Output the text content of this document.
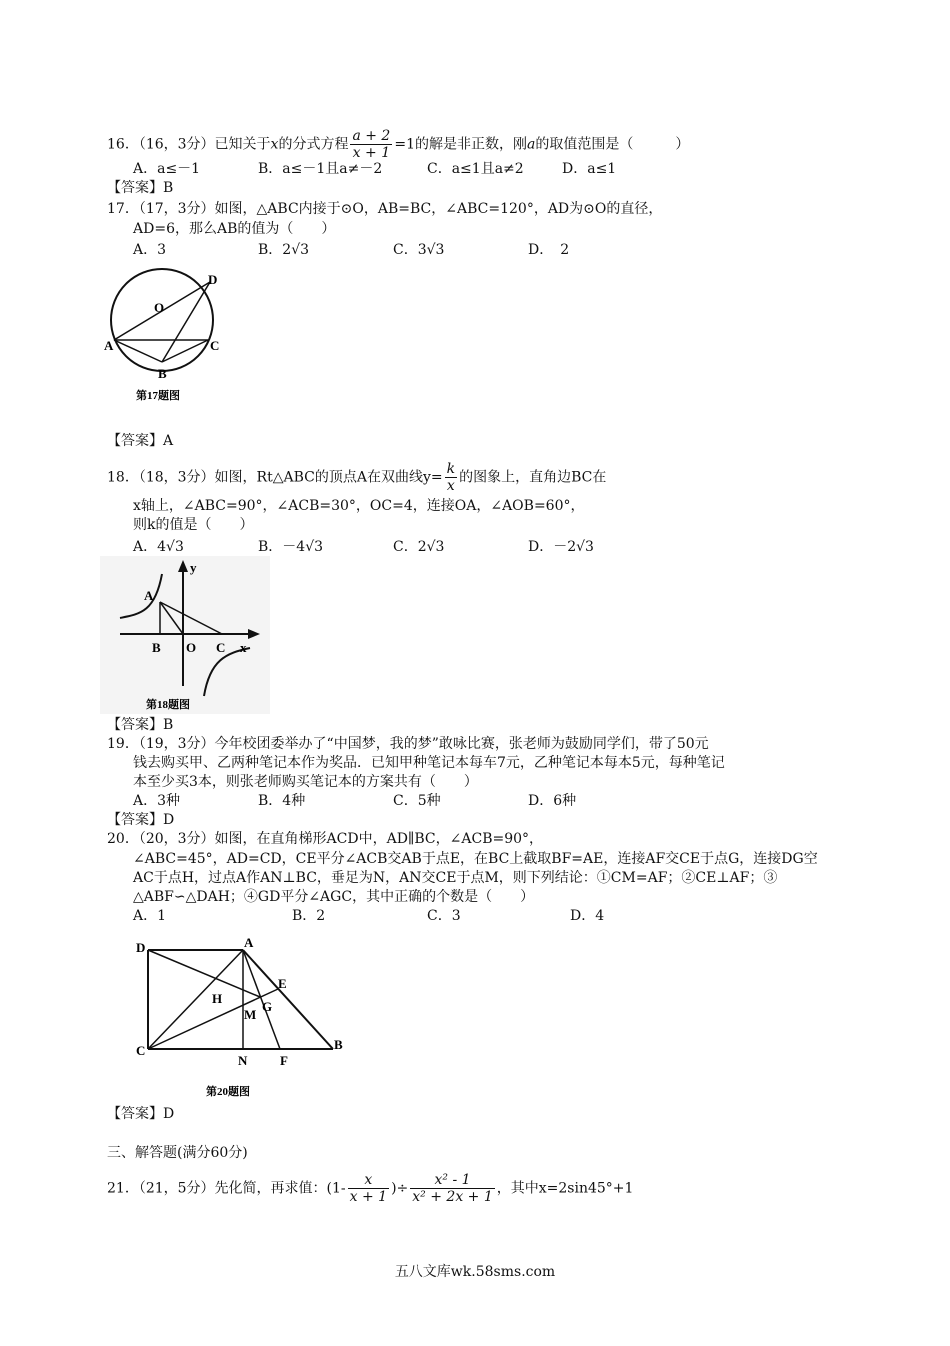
16．（16，3分）已知关于x的分式方程 $\frac{a + 2}{x + 1} =1$的解是非正数，刚a的取值范围是（　　　）
A．a≤－1	B．a≤－1且a≠－2	C．a≤1且a≠2	D．a≤1
【答案】B
17．（17，3分）如图，△ABC内接于⊙O，AB=BC，∠ABC=120°，AD为⊙O的直径，
AD=6，那么AB的值为（　　）
A．3	B．2√3	C．3√3	D．　2
O
D
A	C
B
第17题图
【答案】A
18．（18，3分）如图，Rt△ABC的顶点A在双曲线$y= \frac{k}{x}$ 的图象上，直角边BC在
x轴上，∠ABC=90°，∠ACB=30°，OC=4，连接OA，∠AOB=60°，
则k的值是（　　）
A．4√3	B．－4√3	C．2√3	D．－2√3
y
A
B O C x
第18题图
【答案】B
19．（19，3分）今年校团委举办了“中国梦，我的梦”敢咏比赛，张老师为鼓励同学们，带了50元
钱去购买甲、乙两种笔记本作为奖品．已知甲种笔记本每车7元，乙种笔记本每本5元，每种笔记
本至少买3本，则张老师购买笔记本的方案共有（　　）
A．3种	B．4种	C．5种	D．6种
【答案】D
20．（20，3分）如图，在直角梯形ACD中，AD∥BC，∠ACB=90°，
∠ABC=45°，AD=CD，CE平分∠ACB交AB于点E，在BC上截取BF=AE，连接AF交CE于点G，连接DG空
AC于点H，过点A作AN⊥BC，垂足为N，AN交CE于点M，则下列结论：①CM=AF；②CE⊥AF；③
△ABF∽△DAH；④GD平分∠AGC，其中正确的个数是（　　）
A．1	B．2	C．3	D．4
D	A
E
H
G
M
C
N	F
B
第20题图
【答案】D
三、解答题(满分60分)
21．（21，5分）先化简，再求值：($1- \frac{x}{x + 1}$ )÷ $\frac{\text{x² - 1}}{\text{x² + 2x + 1}}$ ，其中x=2sin45°+1
五八文库wk.58sms.com
